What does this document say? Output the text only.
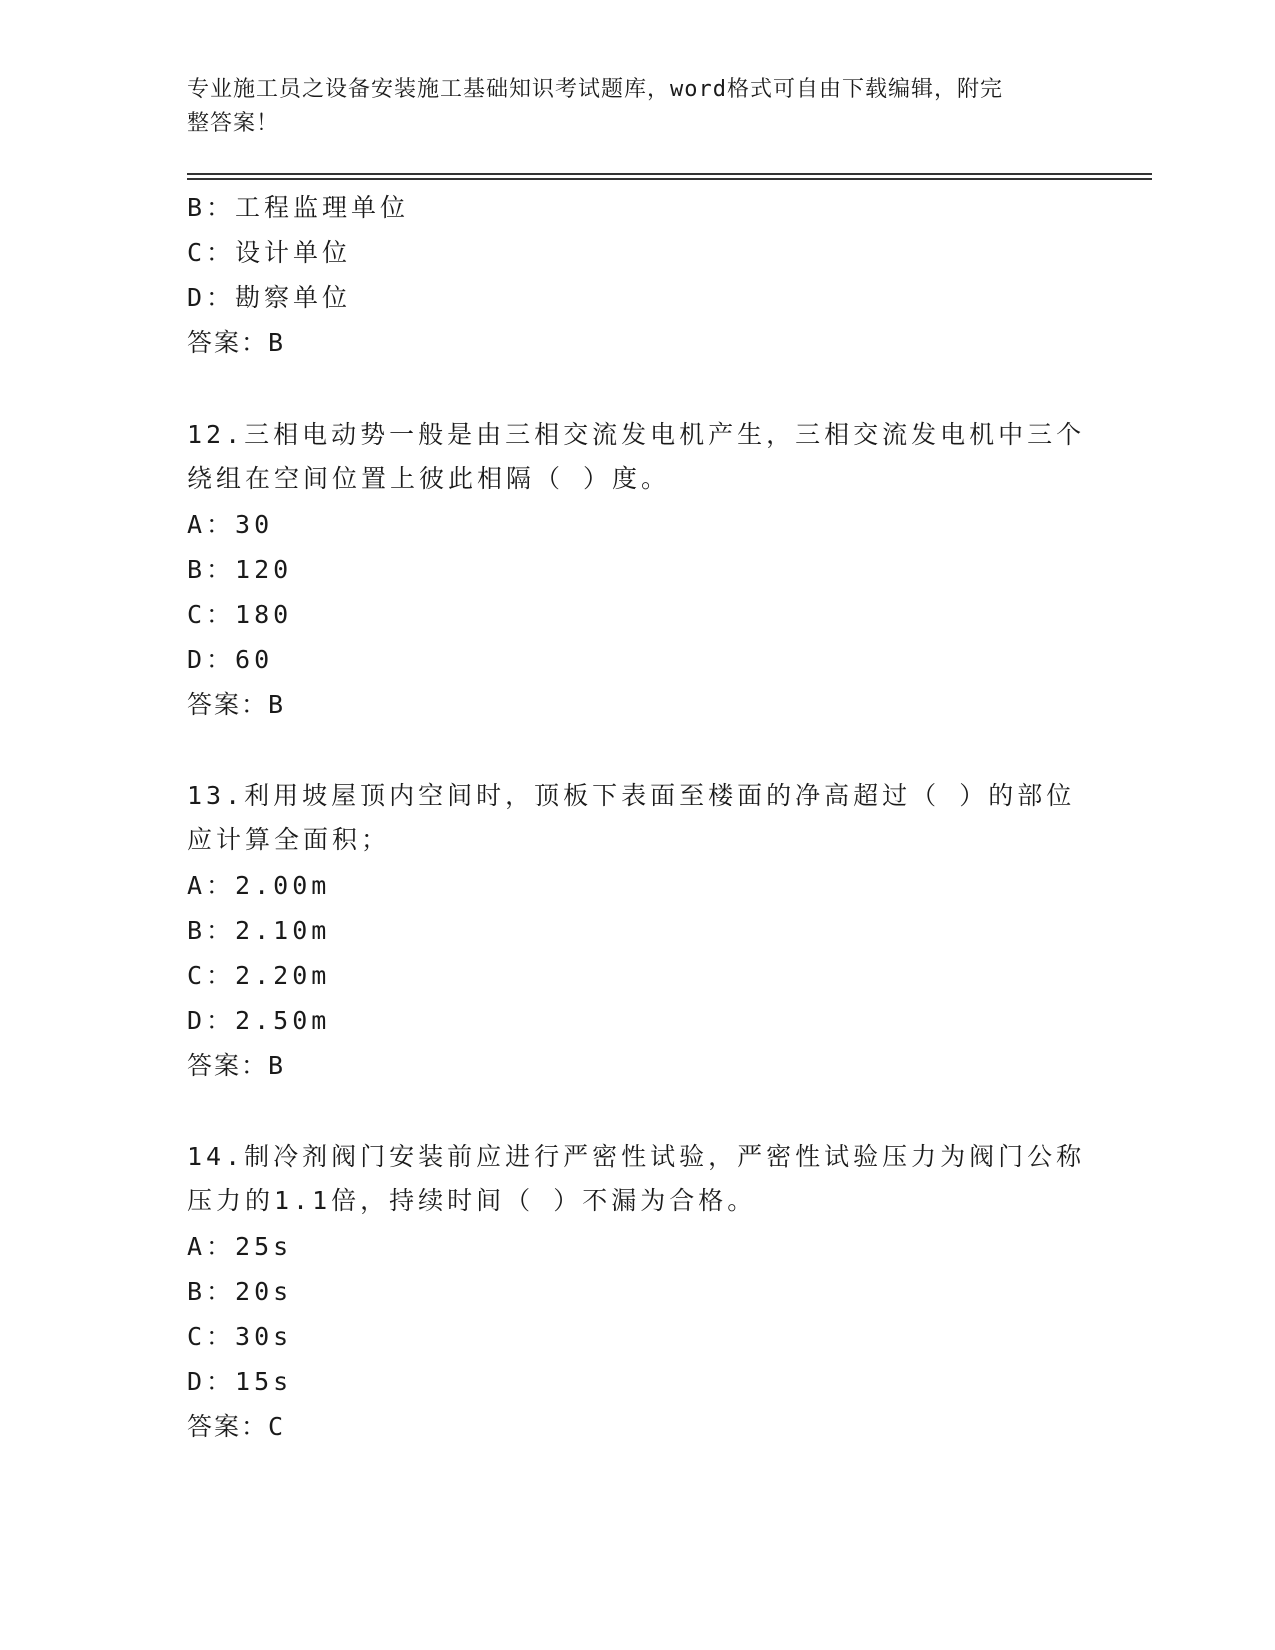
专业施工员之设备安装施工基础知识考试题库，word格式可自由下载编辑，附完
整答案！
B：工程监理单位
C：设计单位
D：勘察单位
答案：B
12.三相电动势一般是由三相交流发电机产生，三相交流发电机中三个
绕组在空间位置上彼此相隔（ ）度。
A：30
B：120
C：180
D：60
答案：B
13.利用坡屋顶内空间时，顶板下表面至楼面的净高超过（ ）的部位
应计算全面积；
A：2.00m
B：2.10m
C：2.20m
D：2.50m
答案：B
14.制冷剂阀门安装前应进行严密性试验，严密性试验压力为阀门公称
压力的1.1倍，持续时间（ ）不漏为合格。
A：25s
B：20s
C：30s
D：15s
答案：C
